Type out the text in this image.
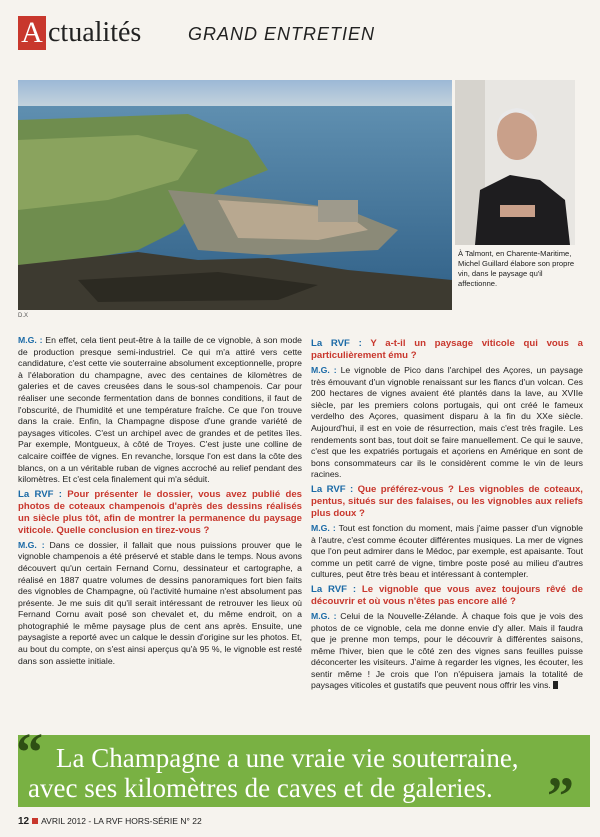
A ctualités	GRAND ENTRETIEN
D.X
À Talmont, en Charente-Maritime, Michel Guillard élabore son propre vin, dans le paysage qu'il affectionne.

M.G. : En effet, cela tient peut-être à la taille de ce vignoble, à son mode de production presque semi-industriel. Ce qui m'a attiré vers cette candidature, c'est cette vie souterraine absolument exceptionnelle, propre à l'élaboration du champagne, avec des centaines de kilomètres de galeries et de caves creusées dans le sous-sol champenois. Car pour réaliser une seconde fermentation dans de bonnes conditions, il faut de l'obscurité, de l'humidité et une température fraîche. Ce que l'on trouve dans la craie. Enfin, la Champagne dispose d'une grande variété de paysages viticoles. C'est un archipel avec de grandes et de petites îles. Par exemple, Montgueux, à côté de Troyes. C'est juste une colline de calcaire coiffée de vignes. En revanche, lorsque l'on est dans la côte des blancs, on a un véritable ruban de vignes accroché au relief pendant des kilomètres. Et c'est cela finalement qui m'a séduit.

La RVF : Pour présenter le dossier, vous avez publié des photos de coteaux champenois d'après des dessins réalisés un siècle plus tôt, afin de montrer la permanence du paysage viticole. Quelle conclusion en tirez-vous ?

M.G. : Dans ce dossier, il fallait que nous puissions prouver que le vignoble champenois a été préservé et stable dans le temps. Nous avons découvert qu'un certain Fernand Cornu, dessinateur et cartographe, a réalisé en 1887 quatre volumes de dessins panoramiques fort bien faits des vignobles de Champagne, où l'activité humaine n'est absolument pas présente. Je me suis dit qu'il serait intéressant de retrouver les lieux où Fernand Cornu avait posé son chevalet et, du même endroit, on a photographié le même paysage plus de cent ans après. Ensuite, une paysagiste a reporté avec un calque le dessin d'origine sur les photos. Et, au bout du compte, on s'est ainsi aperçus qu'à 95 %, le vignoble est resté dans son assiette initiale.

La RVF : Y a-t-il un paysage viticole qui vous a particulièrement ému ?

M.G. : Le vignoble de Pico dans l'archipel des Açores, un paysage très émouvant d'un vignoble renaissant sur les flancs d'un volcan. Ces 200 hectares de vignes avaient été plantés dans la lave, au XVIIe siècle, par les premiers colons portugais, qui ont créé le fameux verdelho des Açores, quasiment disparu à la fin du XXe siècle. Aujourd'hui, il est en voie de résurrection, mais c'est très fragile. Les rendements sont bas, tout doit se faire manuellement. Ce qui le sauve, c'est que les expatriés portugais et açoriens en Amérique en sont de bons consommateurs car ils le considèrent comme le vin de leurs racines.

La RVF : Que préférez-vous ? Les vignobles de coteaux, pentus, situés sur des falaises, ou les vignobles aux reliefs plus doux ?

M.G. : Tout est fonction du moment, mais j'aime passer d'un vignoble à l'autre, c'est comme écouter différentes musiques. La mer de vignes que l'on peut admirer dans le Médoc, par exemple, est apaisante. Tout comme un petit carré de vigne, timbre poste posé au milieu d'autres cultures, peut être très beau et intéressant à contempler.

La RVF : Le vignoble que vous avez toujours rêvé de découvrir et où vous n'êtes pas encore allé ?

M.G. : Celui de la Nouvelle-Zélande. À chaque fois que je vois des photos de ce vignoble, cela me donne envie d'y aller. Mais il faudra que je prenne mon temps, pour le découvrir à différentes saisons, même l'hiver, bien que le côté zen des vignes sans feuilles puisse déconcerter les visiteurs. J'aime à regarder les vignes, les écouter, les sentir même ! Je crois que l'on n'épuisera jamais la totalité de paysages viticoles et gustatifs que peuvent nous offrir les vins.

“ La Champagne a une vraie vie souterraine,
avec ses kilomètres de caves et de galeries.	”
12 AVRIL 2012 - LA RVF HORS-SÉRIE N° 22
